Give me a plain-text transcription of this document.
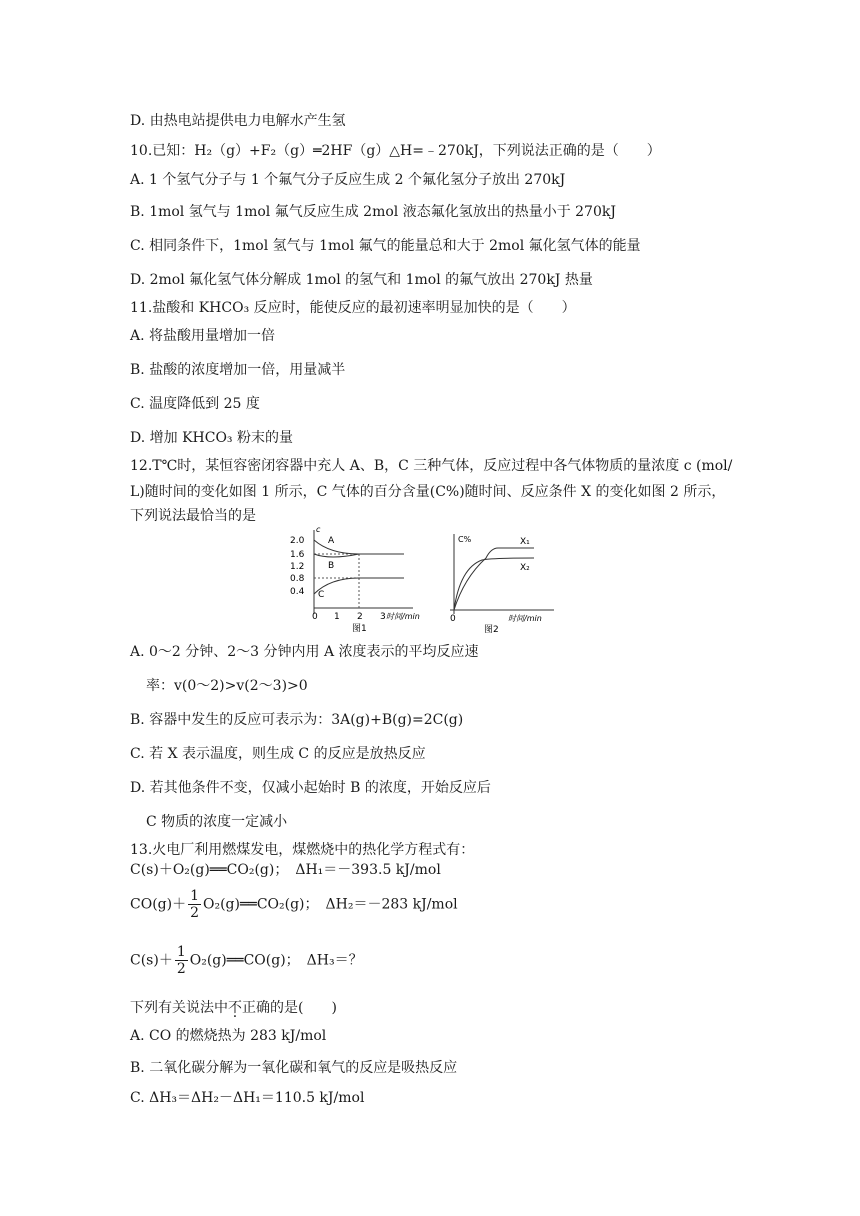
D. 由热电站提供电力电解水产生氢
10.已知：H₂（g）+F₂（g）═2HF（g）△H=﹣270kJ，下列说法正确的是（　　）
A. 1 个氢气分子与 1 个氟气分子反应生成 2 个氟化氢分子放出 270kJ
B. 1mol 氢气与 1mol 氟气反应生成 2mol 液态氟化氢放出的热量小于 270kJ
C. 相同条件下，1mol 氢气与 1mol 氟气的能量总和大于 2mol 氟化氢气体的能量
D. 2mol 氟化氢气体分解成 1mol 的氢气和 1mol 的氟气放出 270kJ 热量
11.盐酸和 KHCO₃ 反应时，能使反应的最初速率明显加快的是（　　）
A. 将盐酸用量增加一倍
B. 盐酸的浓度增加一倍，用量减半
C. 温度降低到 25 度
D. 增加 KHCO₃ 粉末的量
12.T℃时，某恒容密闭容器中充人 A、B，C 三种气体，反应过程中各气体物质的量浓度 c (mol/
L)随时间的变化如图 1 所示，C 气体的百分含量(C%)随时间、反应条件 X 的变化如图 2 所示，
下列说法最恰当的是
c
2.0
1.6
1.2
0.8
0.4
A
B
C
0 1 2 3 时间/min
图1
C%	X₁
X₂
0	时间/min
图2
A. 0～2 分钟、2～3 分钟内用 A 浓度表示的平均反应速
率：v(0～2)>v(2～3)>0
B. 容器中发生的反应可表示为：3A(g)+B(g)=2C(g)
C. 若 X 表示温度，则生成 C 的反应是放热反应
D. 若其他条件不变，仅减小起始时 B 的浓度，开始反应后
C 物质的浓度一定减小
13.火电厂利用燃煤发电，煤燃烧中的热化学方程式有：
C(s)＋O₂(g)══CO₂(g)；　ΔH₁＝－393.5 kJ/mol
$CO(g)+ \frac{1}{2}$ O₂(g)══CO₂(g)；　ΔH₂＝－283 kJ/mol
$C(s)+ \frac{1}{2}$ O₂(g)══CO(g)；　ΔH₃＝？
下列有关说法中不正确的是(　　)
A. CO 的燃烧热为 283 kJ/mol
B. 二氧化碳分解为一氧化碳和氧气的反应是吸热反应
C. ΔH₃＝ΔH₂－ΔH₁＝110.5 kJ/mol
